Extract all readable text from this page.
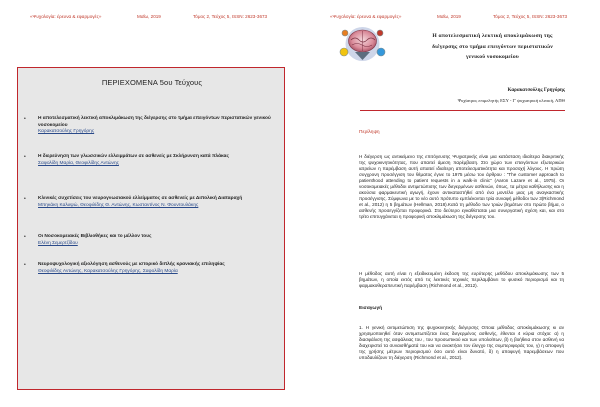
«Ψυχολογία: έρευνα & εφαρμογές»	Μαΐω, 2019	Τόμος 2, Τεύχος 5, ISSN: 2623-3673
ΠΕΡΙΕΧΟΜΕΝΑ 5ου Τεύχους
•	Η αποτελεσματική λεκτική αποκλιμάκωση της διέγερσης στο τμήμα επειγόντων περιστατικών γενικού νοσοκομείου
Καρακατσούλης Γρηγόρης
•	Η διερεύνηση των γλωσσικών ελλειμμάτων σε ασθενείς με Σκλήρυνση κατά πλάκας
Σαφολίδη Μαρία, Θεοφιλίδης Αντώνης
•	Κλινικές συχετίσεις του νευρογνωσιακού ελλείμματος σε ασθενείς με Διπολική Διαταραχή
Μπηκάκη Καλυψώ, Θεοφιλίδης Θ. Αντώνης, Κωσταντίνος Ν. Φουντουλάκης
•	Οι Νοσοκομειακές Βιβλιοθήκες και το μέλλον τους
Ελένη Σεμερτζίδου
•	Νευροψυχολογική αξιολόγηση ασθενούς με ιστορικό διπλής κρανιακής επιληψίας
Θεοφιλίδης Αντώνης, Καρακατσούλης Γρηγόρης, Σαφολίδη Μαρία
«Ψυχολογία: έρευνα & εφαρμογές»	Μαΐω, 2019	Τόμος 2, Τεύχος 5, ISSN: 2623-3673
Η αποτελεσματική λεκτική αποκλιμάκωση της
διέγερσης στο τμήμα επειγόντων περιστατικών
γενικού νοσοκομείου
Καρακατσούλης Γρηγόρης
Ψυχίατρος επιμελητής ΕΣΥ - Γ' ψυχιατρική κλινική, ΑΠΘ
Περίληψη
Η διέγερση ως αντικείμενο της επιτόγευσης Ψυχιατρικής είναι μια κατάσταση ιδιαίτερα διακριτικής της ψυχοκινητικότητας, που απαιτεί άμεση παρέμβαση. Στο χώρο των επειγόντων εξωτερικών ιατρείων η παρέμβαση αυτή απαιτεί ιδιαίτερη αποτελεσματικότητα και προσοχή λόγους. Η πρώτη συγχρονη προσέγγιση του θέματος έγινε το 1975 μέσω του άρθρου : “The customer approach to patienthood attending to patient requests in a walk-in clinic” (Aaron Lazare et al., 1975). Οι νοσοκομειακές μέθοδοι αντιμετώπισης των διεγερμένων ασθενών, όπως, τα μέτρα καθήλωσης και η ακούσια φαρμακευτική αγωγή, έχουν αντικαταστήθεί από ένα μοντέλο μιας μη αναγκαστικής προσέγγισης. Σύμφωνα με το νέο αυτό πρότυπο εμπλέκονται τρία συναφή μέθοδοι των 3(Richmond et al., 2012) η 5 βημάτων (Hellman, 2018).Κατά τη μέθοδο των τριών βημάτων στο πρώτο βήμα, ο ασθενής προσεγγίζεται προφορικά. Στο δεύτερο εγκαθίσταται μια συνεργατική σχέση και, και στο τρίτο επιτυγχάνεται η προφορική αποκλιμάκωση της διέγερσης του.
Η μέθοδος αυτή είναι η εξειδικευμένη έκδοση της ευρύτερης μεθόδου αποκλιμάκωσης των 5 βημάτων, η οποία εκτός από τις λεκτικές τεχνικές περιλαμβάνει το φυσικό περιορισμό και τη φαρμακοθεραπευτική παρέμβαση (Richmond et al., 2012).
Εισαγωγή
1. Η γενική αντιμετώπιση της ψυχοκινητικής διέγερσης Οποια μέθοδος αποκλιμάκωσης κι αν χρησιμοποιηθεί όταν αντιμετωπίζεται ένας διεγερμένος ασθενής, έθενται 4 κύρια στόχοι: α) η διασφάλιση της ασφάλειας του , του προσωπικού και των υπολοίπων, β) η βοήθεια στον ασθενή να διαχειριστεί τα συναισθήματά του και να ανακτήσει τον έλεγχο της συμπεριφοράς του, γ) η αποφυγή της χρήσης μέτρων περιορισμού όσο αυτό είναι δυνατό, δ) η αποφυγή παρεμβάσεων που υποδαυλίζουν τη διέγερση (Richmond et al., 2012).
